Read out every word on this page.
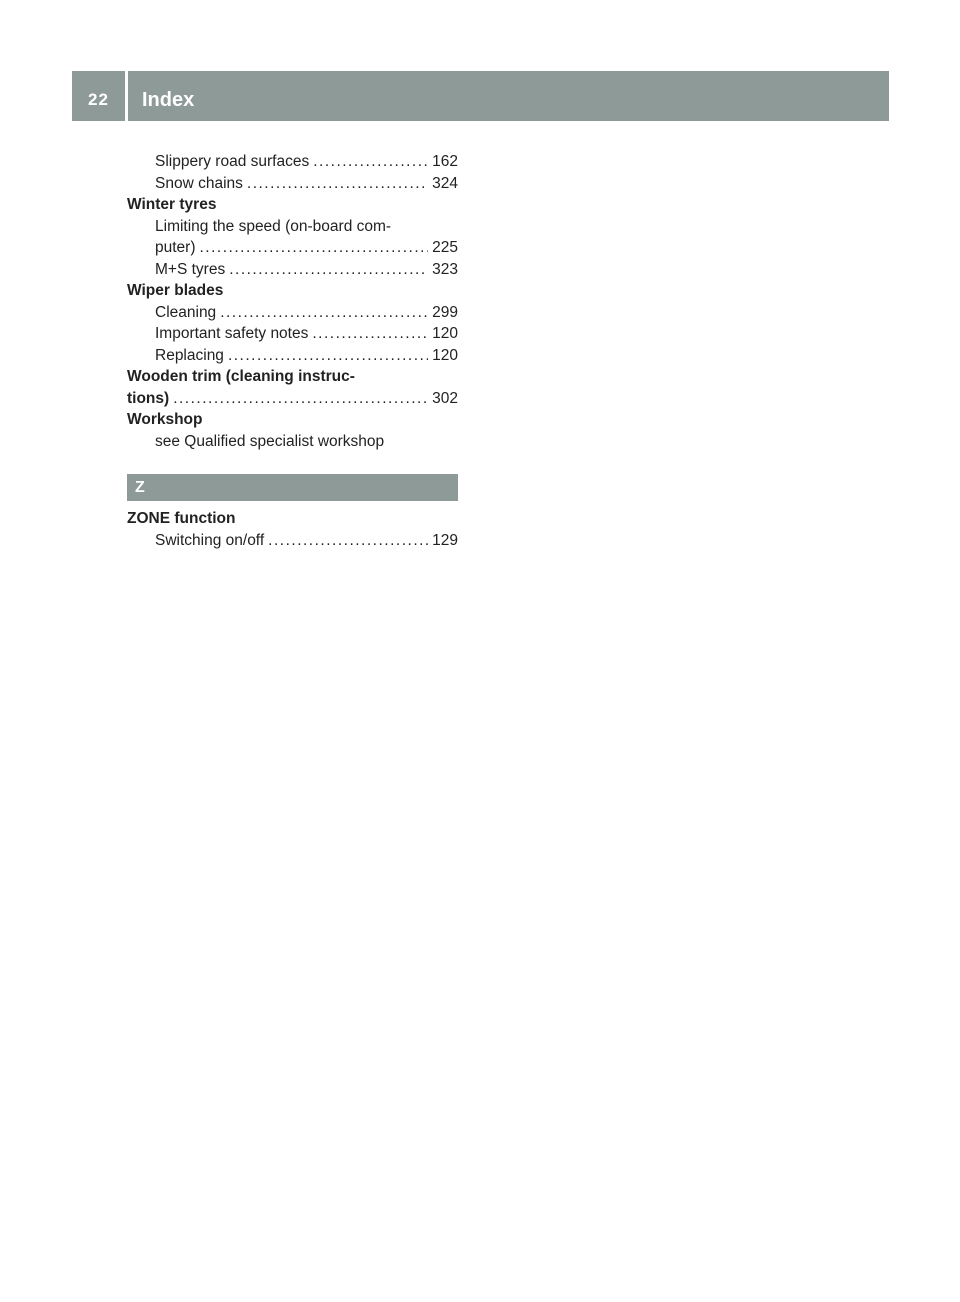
22	Index
Slippery road surfaces .....	162
Snow chains .....	324
Winter tyres
Limiting the speed (on-board com-
puter) .....	225
M+S tyres .....	323
Wiper blades
Cleaning .....	299
Important safety notes .....	120
Replacing .....	120
Wooden trim (cleaning instruc-
tions) .....	302
Workshop
see Qualified specialist workshop
Z
ZONE function
Switching on/off .....	129
